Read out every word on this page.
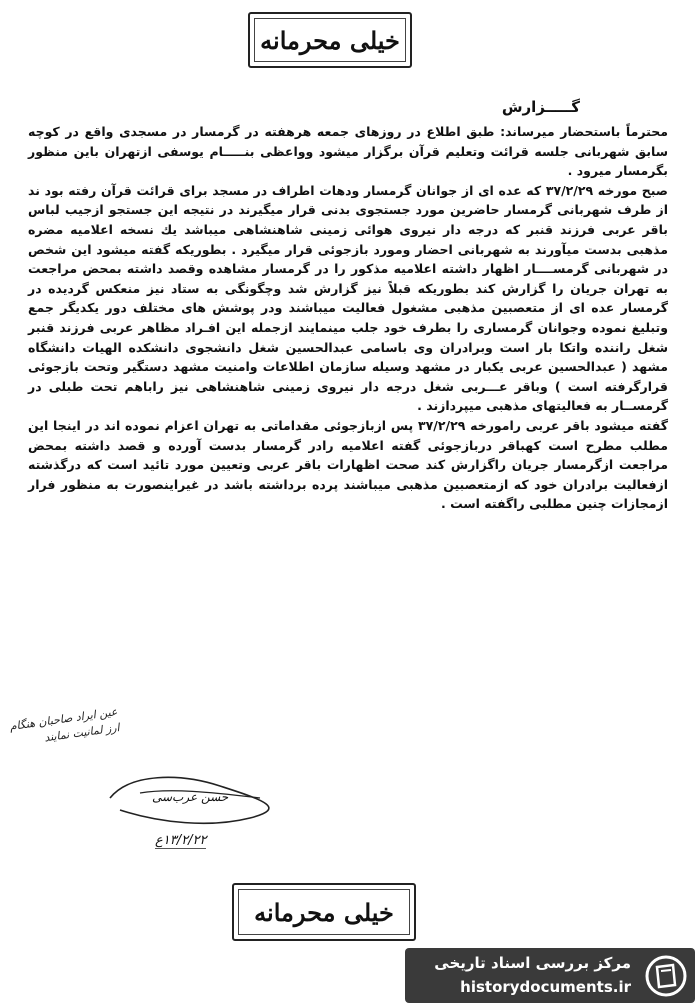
خیلی محرمانه
گـــــزارش

محترماً باستحضار میرساند: طبق اطلاع در روزهای جمعه هرهفته در گرمسار در مسجدی واقع در کوچه سابق شهربانی جلسه قرائت وتعلیم قرآن برگزار میشود وواعظی بنـــــام یوسفی ازتهران باین منظور بگرمسار میرود .

صبح مورخه ۳۷/۲/۲۹ که عده ای از جوانان گرمسار ودهات اطراف در مسجد برای قرائت قرآن رفته بود ند از طرف شهربانی گرمسار حاضرین مورد جستجوی بدنی قرار میگیرند در نتیجه این جستجو ازجیب لباس باقر عربی فرزند قنبر که درجه دار نیروی هوائی زمینی شاهنشاهی میباشد یك نسخه اعلامیه مضره مذهبی بدست میآورند به شهربانی احضار ومورد بازجوئی قرار میگیرد . بطوریکه گفته میشود این شخص در شهربانی گرمســــار اظهار داشته اعلامیه مذکور را در گرمسار مشاهده وقصد داشته بمحض مراجعت به تهران جریان را گزارش کند بطوریکه قبلاً نیز گزارش شد وچگونگی به ستاد نیز منعکس گردیده در گرمسار عده ای از متعصبین مذهبی مشغول فعالیت میباشند ودر پوشش های مختلف دور یکدیگر جمع وتبلیغ نموده وجوانان گرمساری را بطرف خود جلب مینمایند ازجمله این افـراد مظاهر عربی فرزند قنبر شغل راننده واتکا بار است وبرادران وی باسامی عبدالحسین شغل دانشجوی دانشکده الهیات دانشگاه مشهد ( عبدالحسین عربی یکبار در مشهد وسیله سازمان اطلاعات وامنیت مشهد دستگیر وتحت بازجوئی قرارگرفته است ) وباقر عـــربی شغل درجه دار نیروی زمینی شاهنشاهی نیز راباهم تحت طبلی در گرمســار به فعالیتهای مذهبی میپردازند .

گفته میشود باقر عربی رامورخه ۳۷/۲/۲۹ پس ازبازجوئی مقداماتی به تهران اعزام نموده اند در اینجا این مطلب مطرح است کهباقر دربازجوئی گفته اعلامیه رادر گرمسار بدست آورده و قصد داشته بمحض مراجعت ازگرمسار جریان راگزارش کند صحت اظهارات باقر عربی وتعیین مورد تائید است که درگذشته ازفعالیت برادران خود که ازمتعصبین مذهبی میباشند پرده برداشته باشد در غیراینصورت به منظور فرار ازمجازات چنین مطلبی راگفته است .

عین ایراد صاحبان هنگام ارز لمانیت نمایند
حسن عرب‌سی
۱۳/۲/۲۲ع
خیلی محرمانه
مرکز بررسی اسناد تاریخی
historydocuments.ir
